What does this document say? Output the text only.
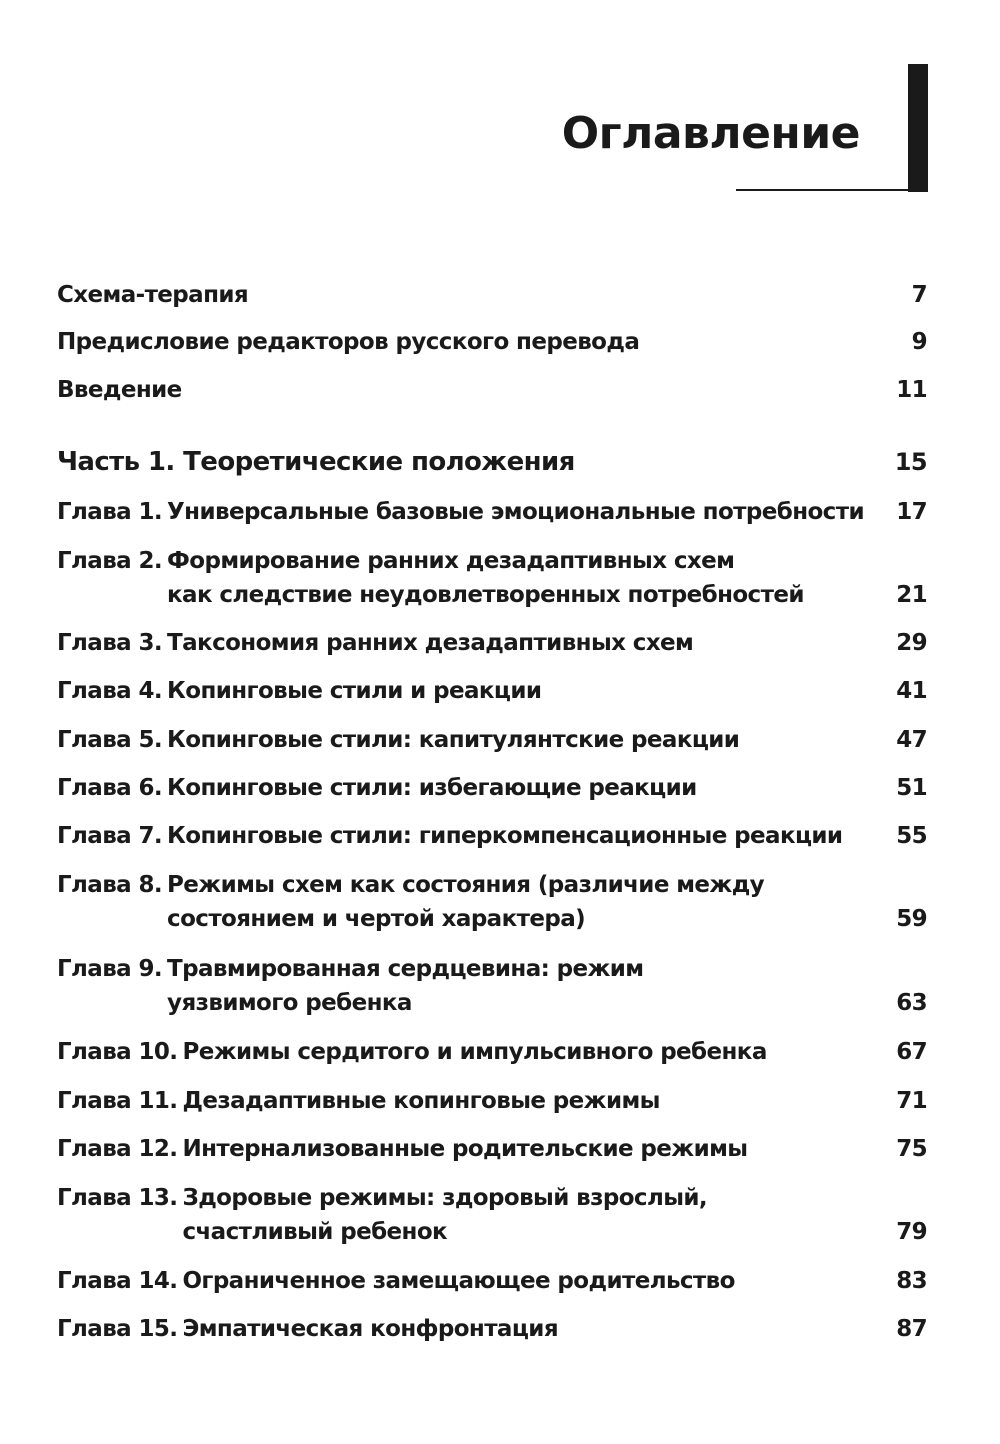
Оглавление
Схема-терапия	7
Предисловие редакторов русского перевода	9
Введение	11
Часть 1. Теоретические положения	15
Глава 1. Универсальные базовые эмоциональные потребности 17
Глава 2. Формирование ранних дезадаптивных схем
как следствие неудовлетворенных потребностей	21
Глава 3. Таксономия ранних дезадаптивных схем	29
Глава 4. Копинговые стили и реакции	41
Глава 5. Копинговые стили: капитулянтские реакции	47
Глава 6. Копинговые стили: избегающие реакции	51
Глава 7. Копинговые стили: гиперкомпенсационные реакции 55
Глава 8. Режимы схем как состояния (различие между
состоянием и чертой характера)	59
Глава 9. Травмированная сердцевина: режим
уязвимого ребенка	63
Глава 10. Режимы сердитого и импульсивного ребенка	67
Глава 11. Дезадаптивные копинговые режимы	71
Глава 12. Интернализованные родительские режимы	75
Глава 13. Здоровые режимы: здоровый взрослый,
счастливый ребенок	79
Глава 14. Ограниченное замещающее родительство	83
Глава 15. Эмпатическая конфронтация	87
